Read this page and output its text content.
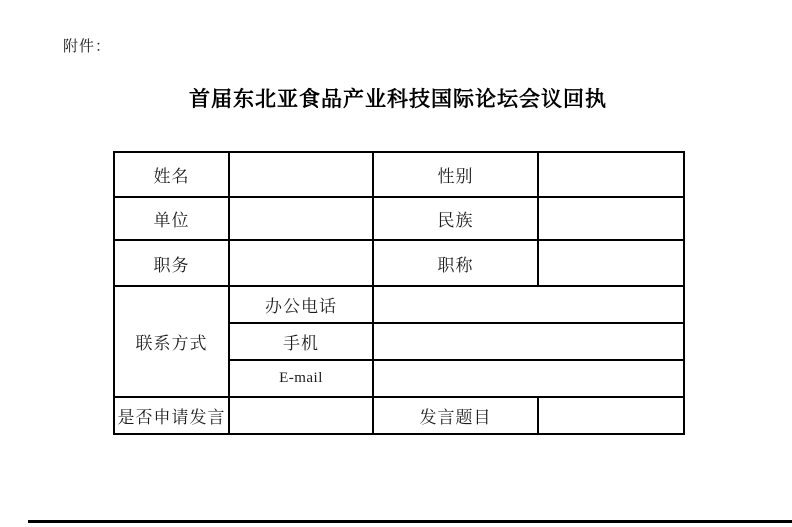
附件：
首届东北亚食品产业科技国际论坛会议回执
姓名		性别	
单位		民族	
职务		职称	
联系方式	办公电话		
	手机		
	E-mail		
是否申请发言		发言题目	
